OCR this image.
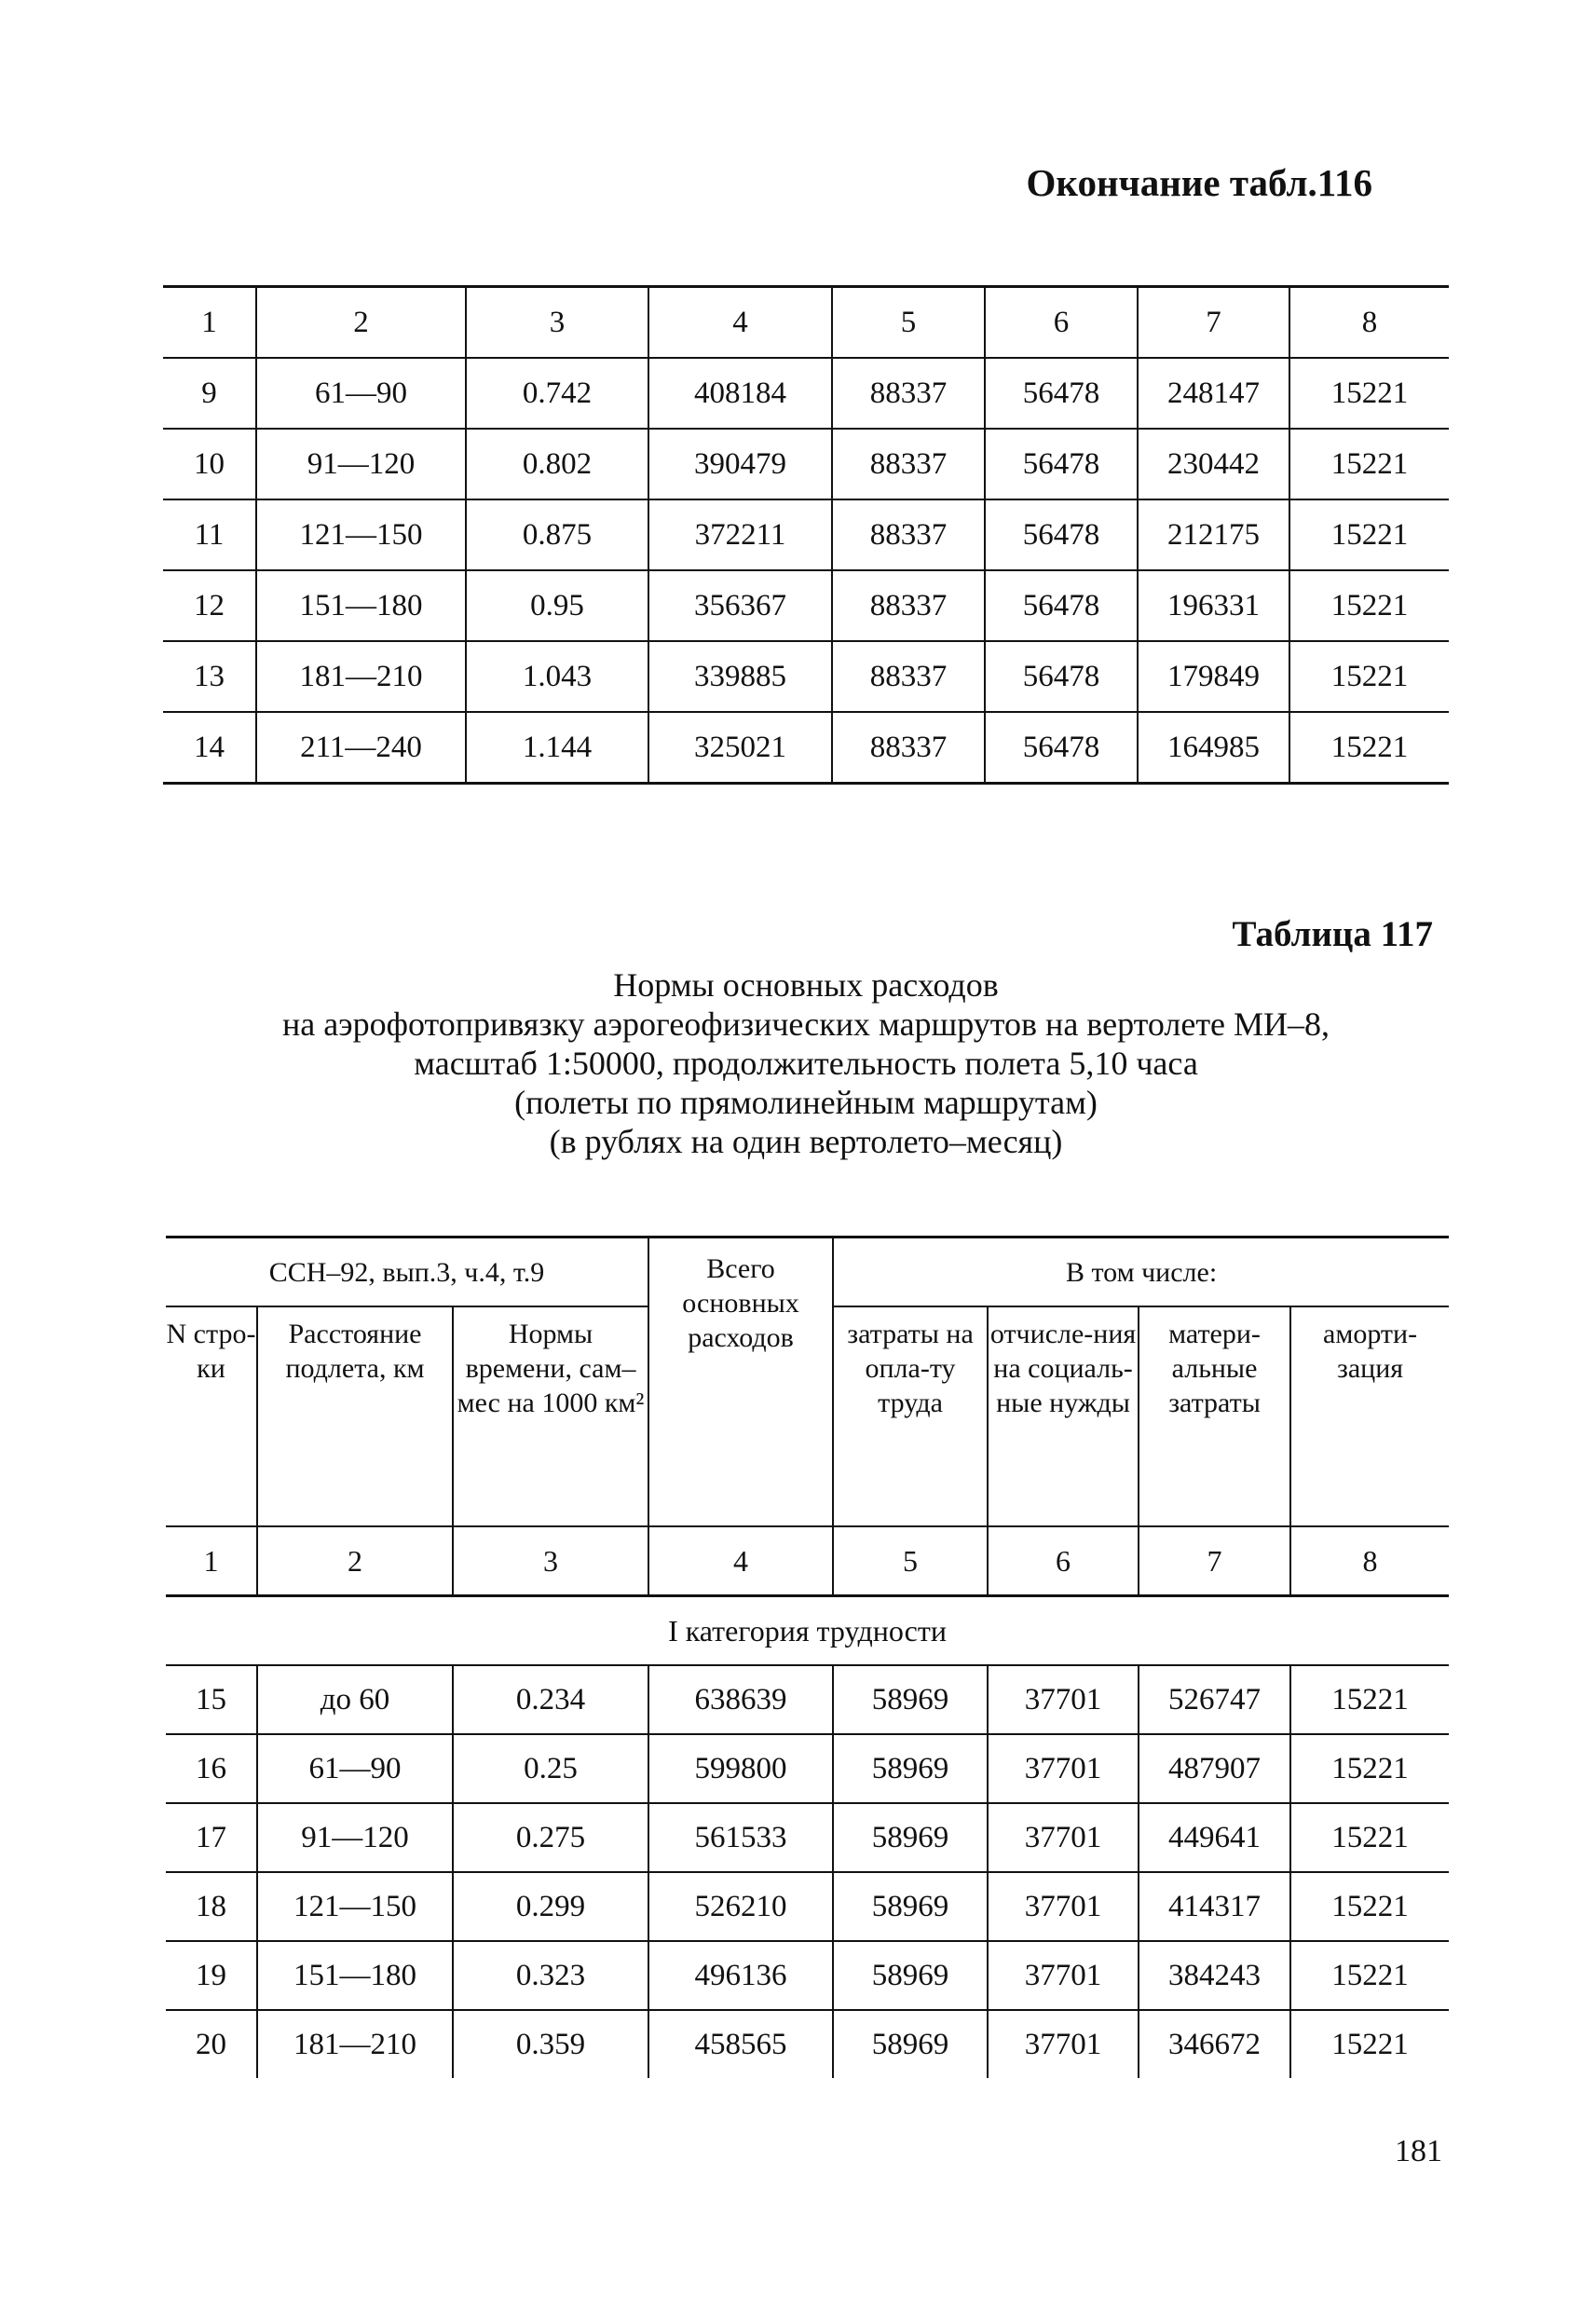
Окончание табл.116
1	2	3	4	5	6	7	8
9	61—90	0.742	408184	88337	56478	248147	15221
10	91—120	0.802	390479	88337	56478	230442	15221
11	121—150	0.875	372211	88337	56478	212175	15221
12	151—180	0.95	356367	88337	56478	196331	15221
13	181—210	1.043	339885	88337	56478	179849	15221
14	211—240	1.144	325021	88337	56478	164985	15221
Таблица 117
Нормы основных расходов
на аэрофотопривязку аэрогеофизических маршрутов на вертолете МИ–8,
масштаб 1:50000, продолжительность полета 5,10 часа
(полеты по прямолинейным маршрутам)
(в рублях на один вертолето–месяц)
ССН–92, вып.3, ч.4, т.9			Всего основных расходов	В том числе:			
N стро-ки	Расстояние подлета, км	Нормы времени, сам–мес на 1000 км²		затраты на опла-ту труда	отчисле-ния на социаль-ные нужды	матери-альные затраты	аморти-зация
1	2	3	4	5	6	7	8
I категория трудности							
15	до 60	0.234	638639	58969	37701	526747	15221
16	61—90	0.25	599800	58969	37701	487907	15221
17	91—120	0.275	561533	58969	37701	449641	15221
18	121—150	0.299	526210	58969	37701	414317	15221
19	151—180	0.323	496136	58969	37701	384243	15221
20	181—210	0.359	458565	58969	37701	346672	15221
181
